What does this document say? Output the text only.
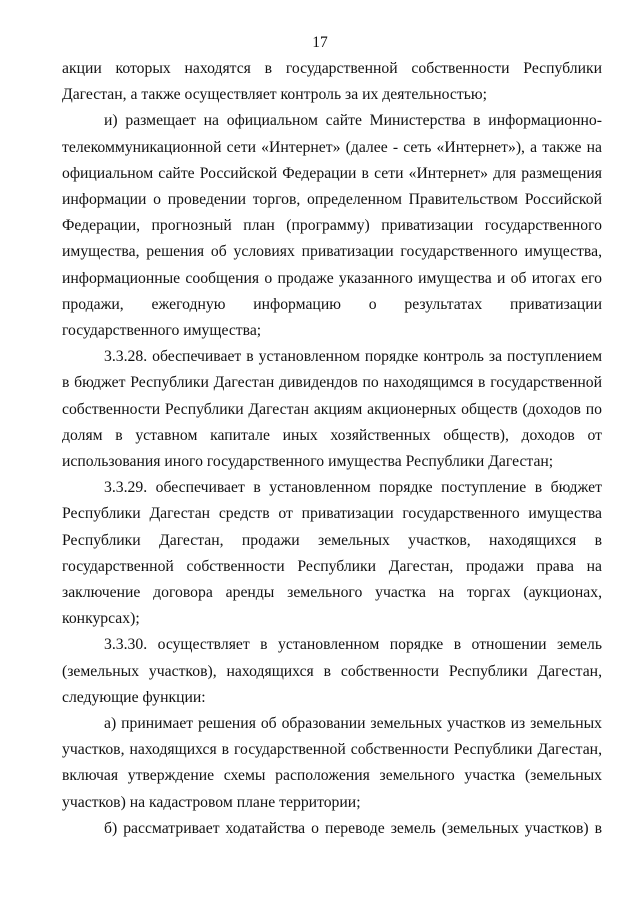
17

акции которых находятся в государственной собственности Республики Дагестан, а также осуществляет контроль за их деятельностью;

и) размещает на официальном сайте Министерства в информационно-телекоммуникационной сети «Интернет» (далее - сеть «Интернет»), а также на официальном сайте Российской Федерации в сети «Интернет» для размещения информации о проведении торгов, определенном Правительством Российской Федерации, прогнозный план (программу) приватизации государственного имущества, решения об условиях приватизации государственного имущества, информационные сообщения о продаже указанного имущества и об итогах его продажи, ежегодную информацию о результатах приватизации государственного имущества;

3.3.28. обеспечивает в установленном порядке контроль за поступлением в бюджет Республики Дагестан дивидендов по находящимся в государственной собственности Республики Дагестан акциям акционерных обществ (доходов по долям в уставном капитале иных хозяйственных обществ), доходов от использования иного государственного имущества Республики Дагестан;

3.3.29. обеспечивает в установленном порядке поступление в бюджет Республики Дагестан средств от приватизации государственного имущества Республики Дагестан, продажи земельных участков, находящихся в государственной собственности Республики Дагестан, продажи права на заключение договора аренды земельного участка на торгах (аукционах, конкурсах);

3.3.30. осуществляет в установленном порядке в отношении земель (земельных участков), находящихся в собственности Республики Дагестан, следующие функции:

а) принимает решения об образовании земельных участков из земельных участков, находящихся в государственной собственности Республики Дагестан, включая утверждение схемы расположения земельного участка (земельных участков) на кадастровом плане территории;

б) рассматривает ходатайства о переводе земель (земельных участков) в
